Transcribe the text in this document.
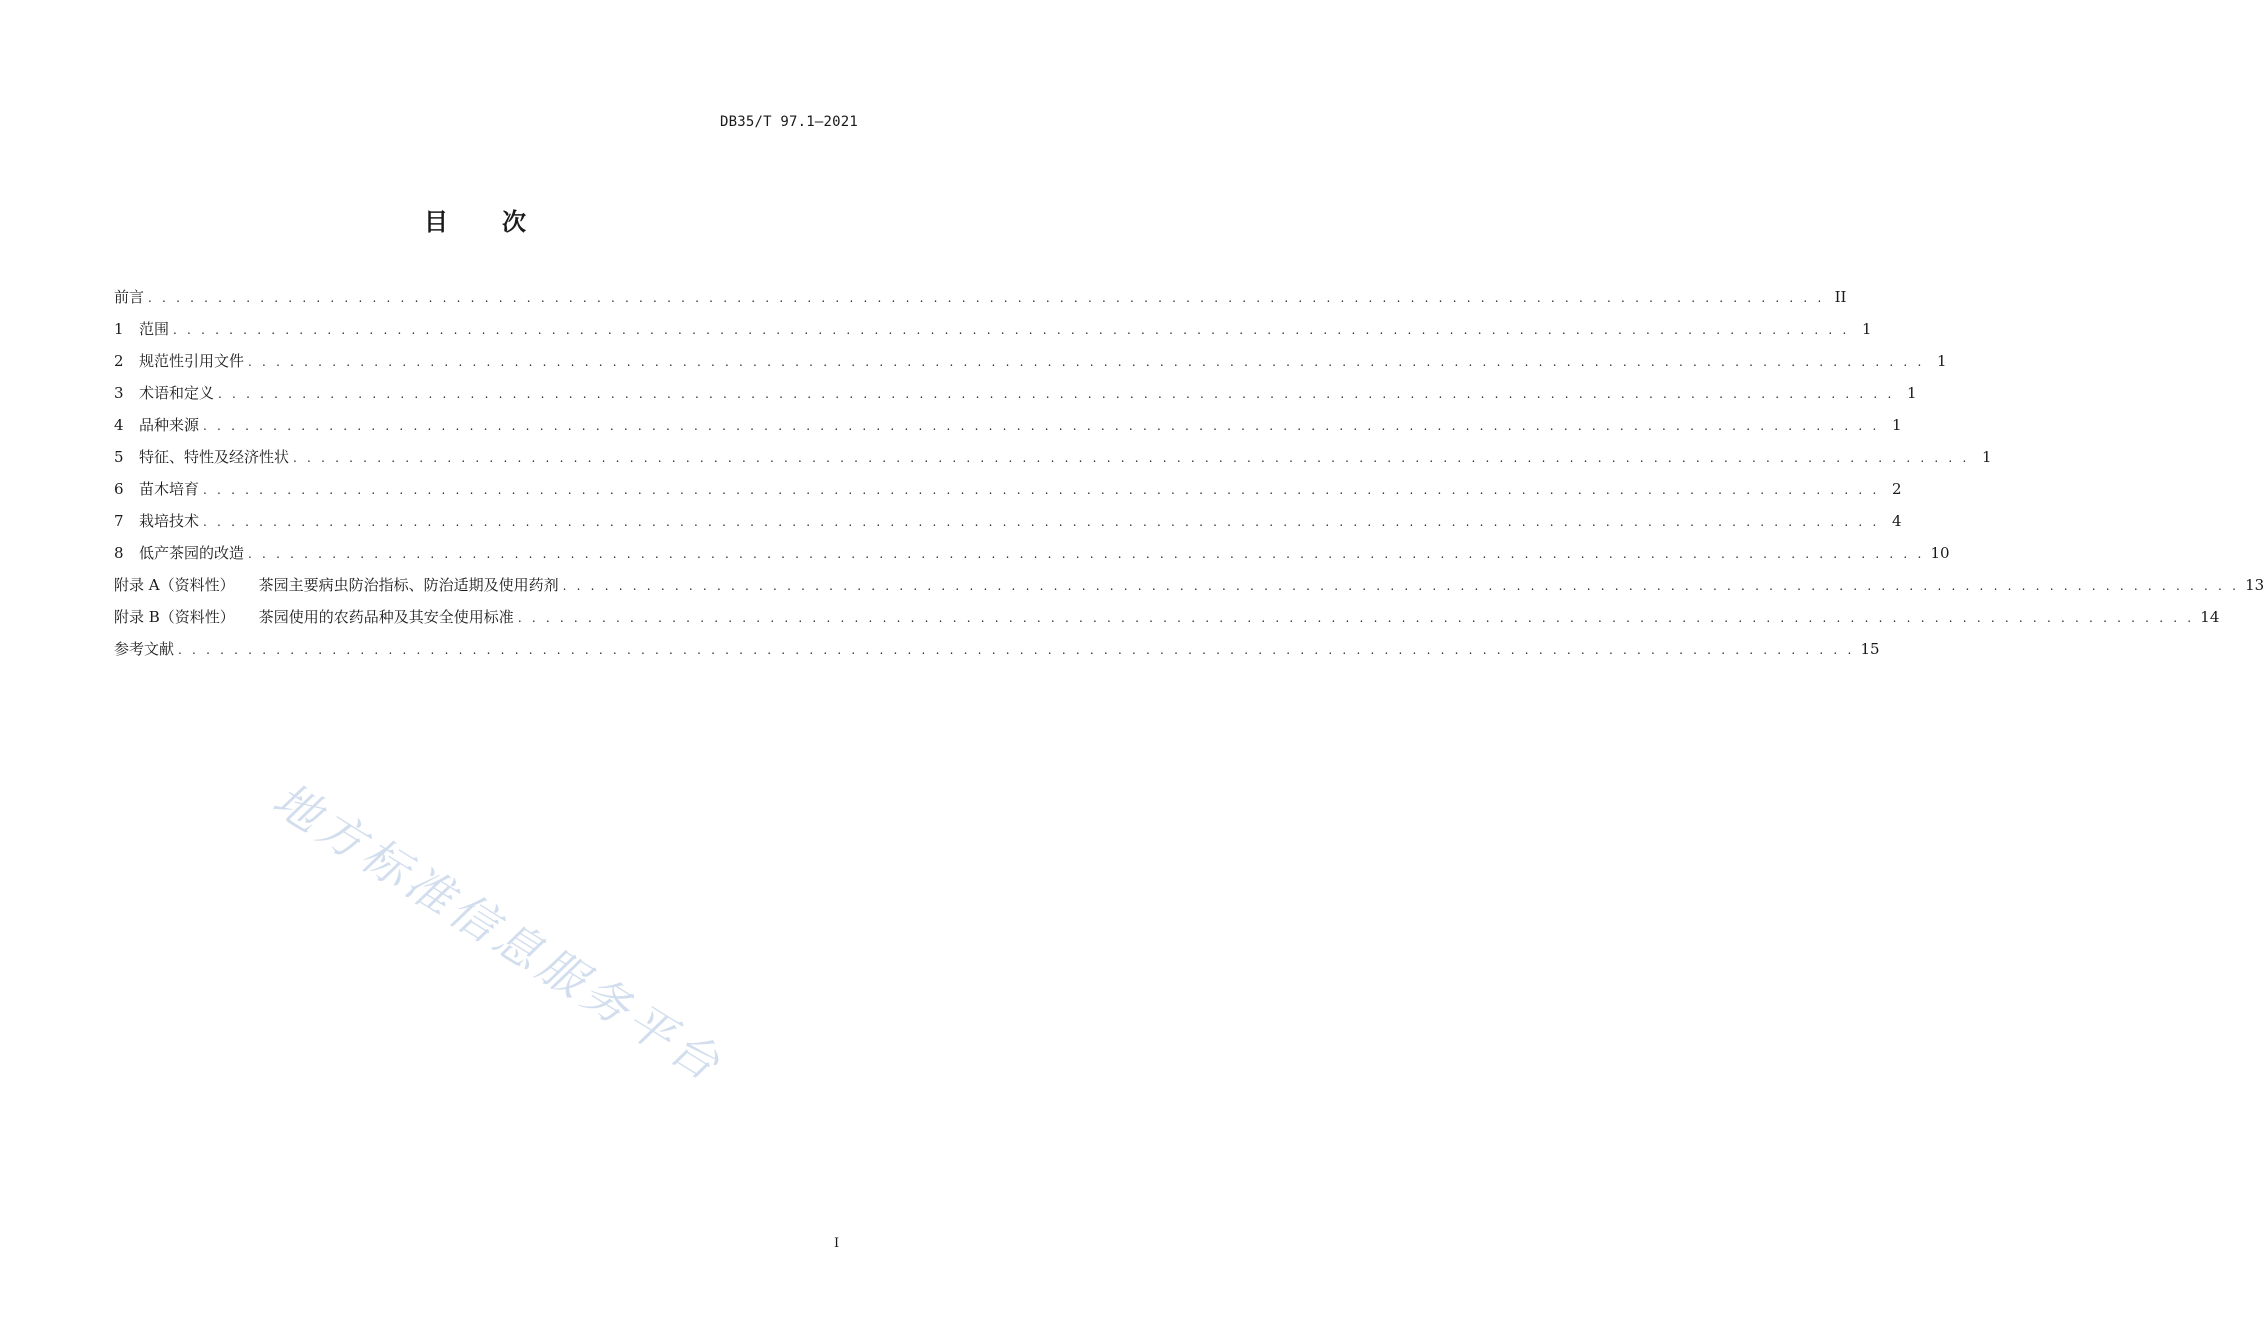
DB35/T 97.1—2021
目 次
前言 . . . . . . . . . . . . . . . . . . . . . . . . . . . . . . . . . . . . . . . . . . . . . . . . . . . . . . . . . . . . . . . . . . . . . . . . . . . . . . . . . . . . . . . . . . . . . . . . . . . . . . . . . . . . . . . . . . . . . . . . II
1	范围 . . . . . . . . . . . . . . . . . . . . . . . . . . . . . . . . . . . . . . . . . . . . . . . . . . . . . . . . . . . . . . . . . . . . . . . . . . . . . . . . . . . . . . . . . . . . . . . . . . . . . . . . . . . . . . . . . . . . . . . . 1
2	规范性引用文件 . . . . . . . . . . . . . . . . . . . . . . . . . . . . . . . . . . . . . . . . . . . . . . . . . . . . . . . . . . . . . . . . . . . . . . . . . . . . . . . . . . . . . . . . . . . . . . . . . . . . . . . . . . . . . . . . . . . . . . . . 1
3	术语和定义 . . . . . . . . . . . . . . . . . . . . . . . . . . . . . . . . . . . . . . . . . . . . . . . . . . . . . . . . . . . . . . . . . . . . . . . . . . . . . . . . . . . . . . . . . . . . . . . . . . . . . . . . . . . . . . . . . . . . . . . . 1
4	品种来源 . . . . . . . . . . . . . . . . . . . . . . . . . . . . . . . . . . . . . . . . . . . . . . . . . . . . . . . . . . . . . . . . . . . . . . . . . . . . . . . . . . . . . . . . . . . . . . . . . . . . . . . . . . . . . . . . . . . . . . . . 1
5	特征、特性及经济性状 . . . . . . . . . . . . . . . . . . . . . . . . . . . . . . . . . . . . . . . . . . . . . . . . . . . . . . . . . . . . . . . . . . . . . . . . . . . . . . . . . . . . . . . . . . . . . . . . . . . . . . . . . . . . . . . . . . . . . . . . 1
6	苗木培育 . . . . . . . . . . . . . . . . . . . . . . . . . . . . . . . . . . . . . . . . . . . . . . . . . . . . . . . . . . . . . . . . . . . . . . . . . . . . . . . . . . . . . . . . . . . . . . . . . . . . . . . . . . . . . . . . . . . . . . . . 2
7	栽培技术 . . . . . . . . . . . . . . . . . . . . . . . . . . . . . . . . . . . . . . . . . . . . . . . . . . . . . . . . . . . . . . . . . . . . . . . . . . . . . . . . . . . . . . . . . . . . . . . . . . . . . . . . . . . . . . . . . . . . . . . . 4
8	低产茶园的改造 . . . . . . . . . . . . . . . . . . . . . . . . . . . . . . . . . . . . . . . . . . . . . . . . . . . . . . . . . . . . . . . . . . . . . . . . . . . . . . . . . . . . . . . . . . . . . . . . . . . . . . . . . . . . . . . . . . . . . . . . 10
附录 A（资料性） 茶园主要病虫防治指标、防治适期及使用药剂 . . . . . . . . . . . . . . . . . . . . . . . . . . . . . . . . . . . . . . . . . . . . . . . . . . . . . . . . . . . . . . . . . . . . . . . . . . . . . . . . . . . . . . . . . . . . . . . . . . . . . . . . . . . . . . . . . . . . . . . . 13
附录 B（资料性） 茶园使用的农药品种及其安全使用标准 . . . . . . . . . . . . . . . . . . . . . . . . . . . . . . . . . . . . . . . . . . . . . . . . . . . . . . . . . . . . . . . . . . . . . . . . . . . . . . . . . . . . . . . . . . . . . . . . . . . . . . . . . . . . . . . . . . . . . . . . 14
参考文献 . . . . . . . . . . . . . . . . . . . . . . . . . . . . . . . . . . . . . . . . . . . . . . . . . . . . . . . . . . . . . . . . . . . . . . . . . . . . . . . . . . . . . . . . . . . . . . . . . . . . . . . . . . . . . . . . . . . . . . . . 15
地方标准信息服务平台
I
